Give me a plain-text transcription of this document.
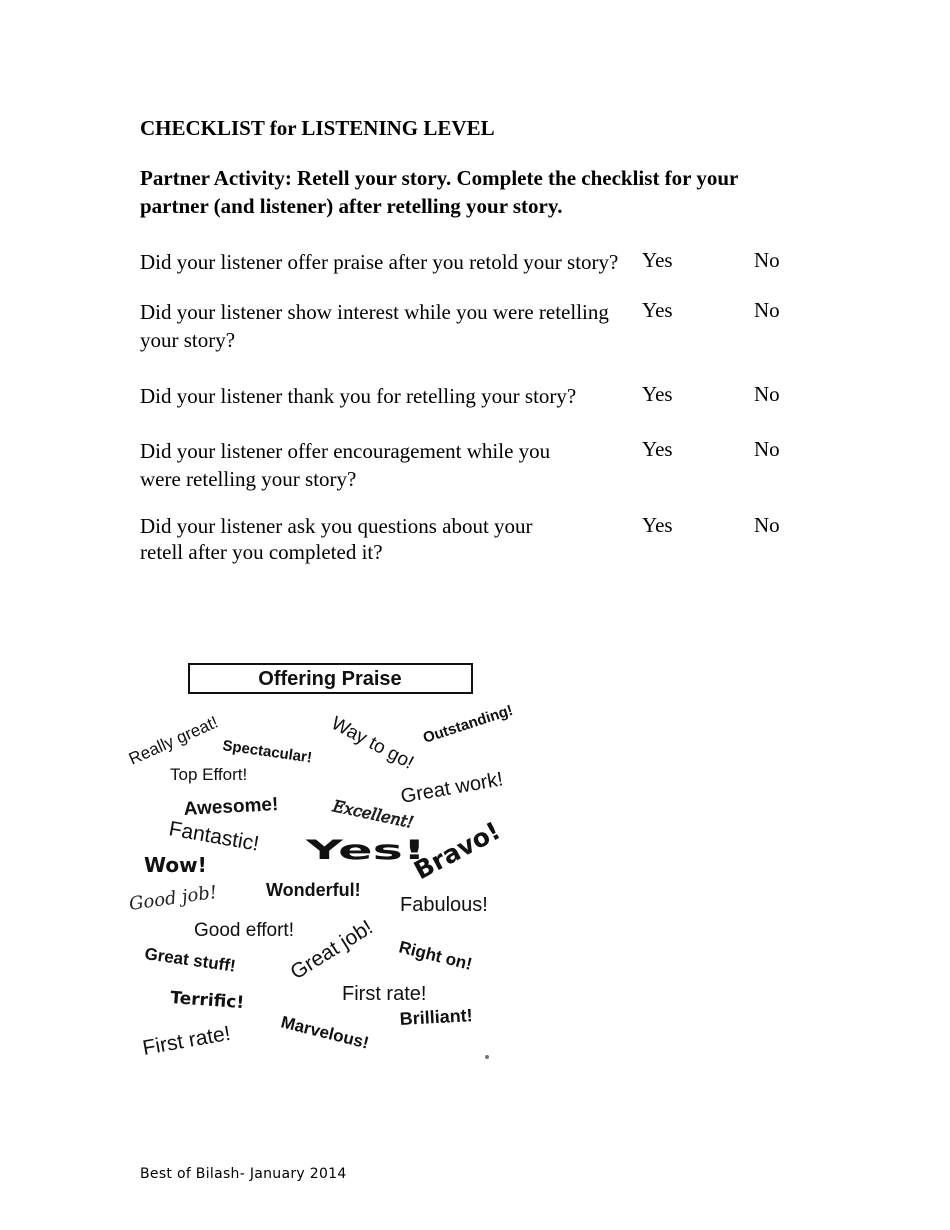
CHECKLIST for LISTENING LEVEL
Partner Activity: Retell your story. Complete the checklist for your partner (and listener) after retelling your story.
Did your listener offer praise after you retold your story?	Yes	No
Did your listener show interest while you were retelling your story?
Yes	No
Did your listener thank you for retelling your story?	Yes	No
Did your listener offer encouragement while you were retelling your story?
Yes	No
Did your listener ask you questions about your retell after you completed it?
Yes	No
Offering Praise
Really great!	Way to go! Outstanding!
Spectacular!
Top Effort!	Great work!
Awesome!	Excellent!
Fantastic! Yes!
Bravo!
Wow!
Good job!	Wonderful!
Fabulous!
Good effort!
Great stuff! Great job! Right on!
Terrific!	First rate!
First rate!	Marvelous! Brilliant!
Best of Bilash- January 2014
